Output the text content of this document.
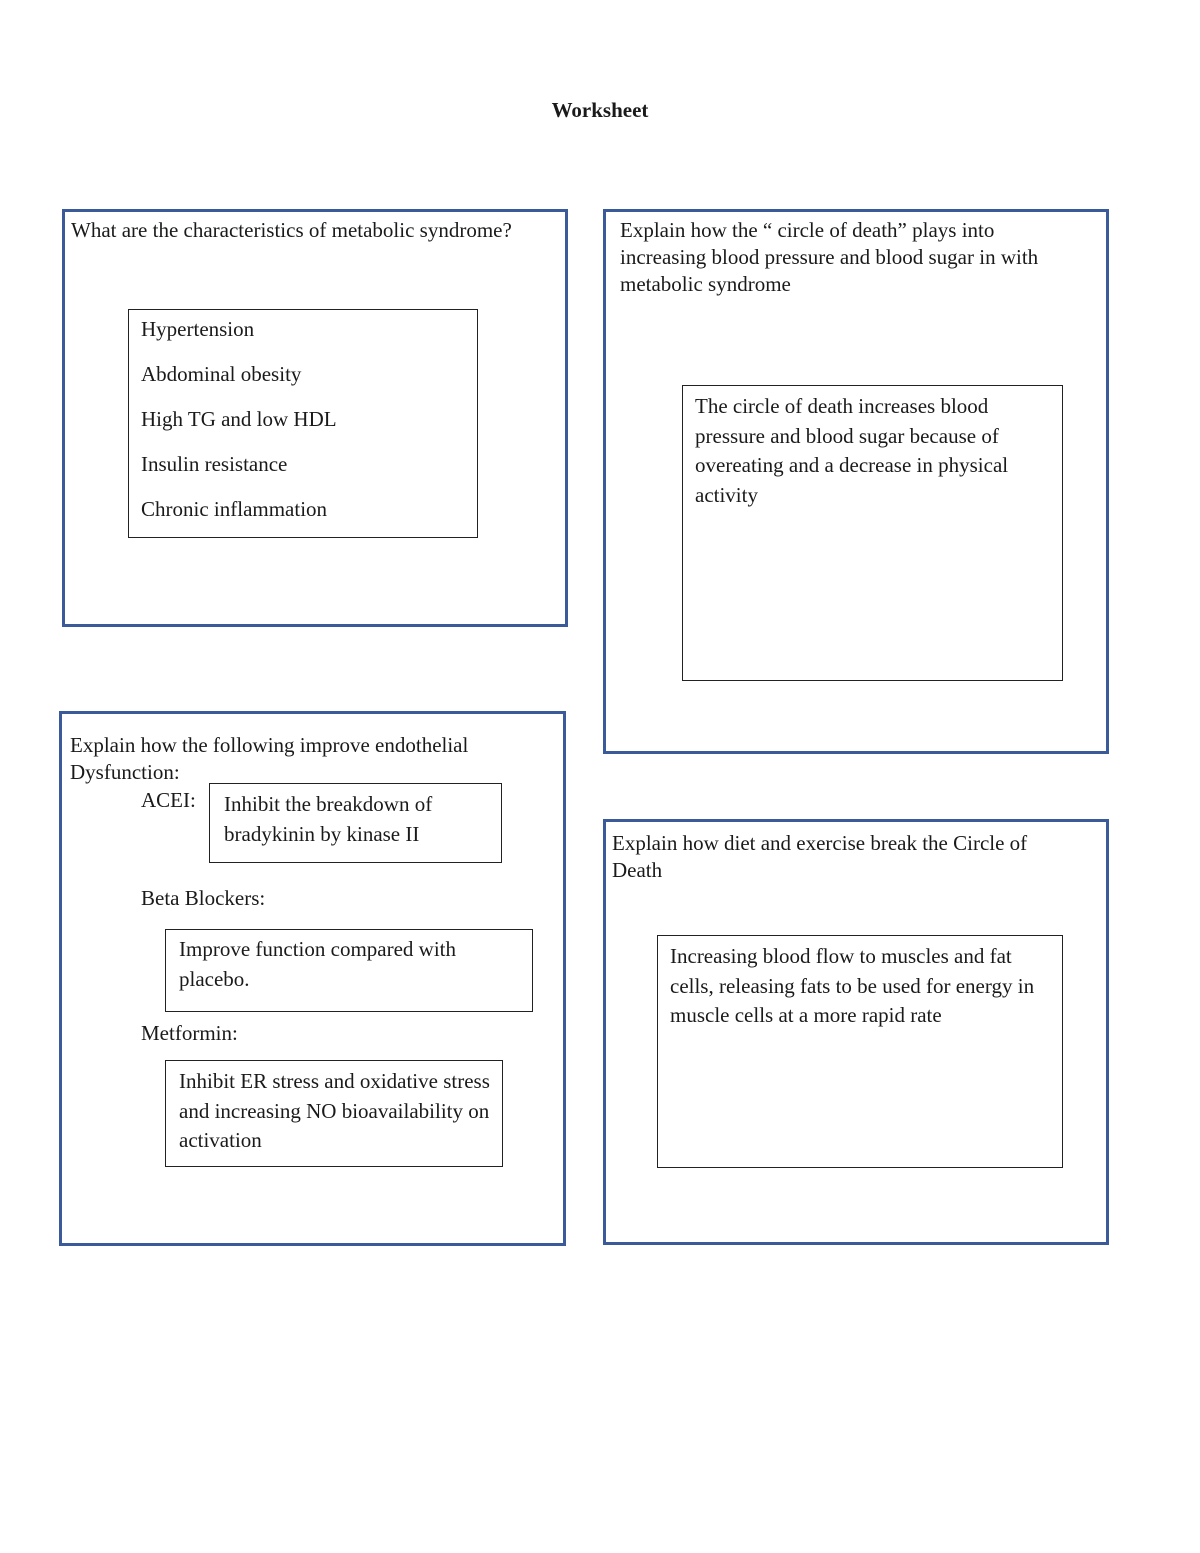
Worksheet
What are the characteristics of metabolic syndrome?
Hypertension
Abdominal obesity
High TG and low HDL
Insulin resistance
Chronic inflammation
Explain how the “ circle of death” plays into increasing blood pressure and blood sugar in with metabolic syndrome
The circle of death increases blood pressure and blood sugar because of overeating and a decrease in physical activity
Explain how the following improve endothelial Dysfunction:
ACEI: Inhibit the breakdown of bradykinin by kinase II
Beta Blockers:
Improve function compared with placebo.
Metformin:
Inhibit ER stress and oxidative stress and increasing NO bioavailability on activation
Explain how diet and exercise break the Circle of Death
Increasing blood flow to muscles and fat cells, releasing fats to be used for energy in muscle cells at a more rapid rate
